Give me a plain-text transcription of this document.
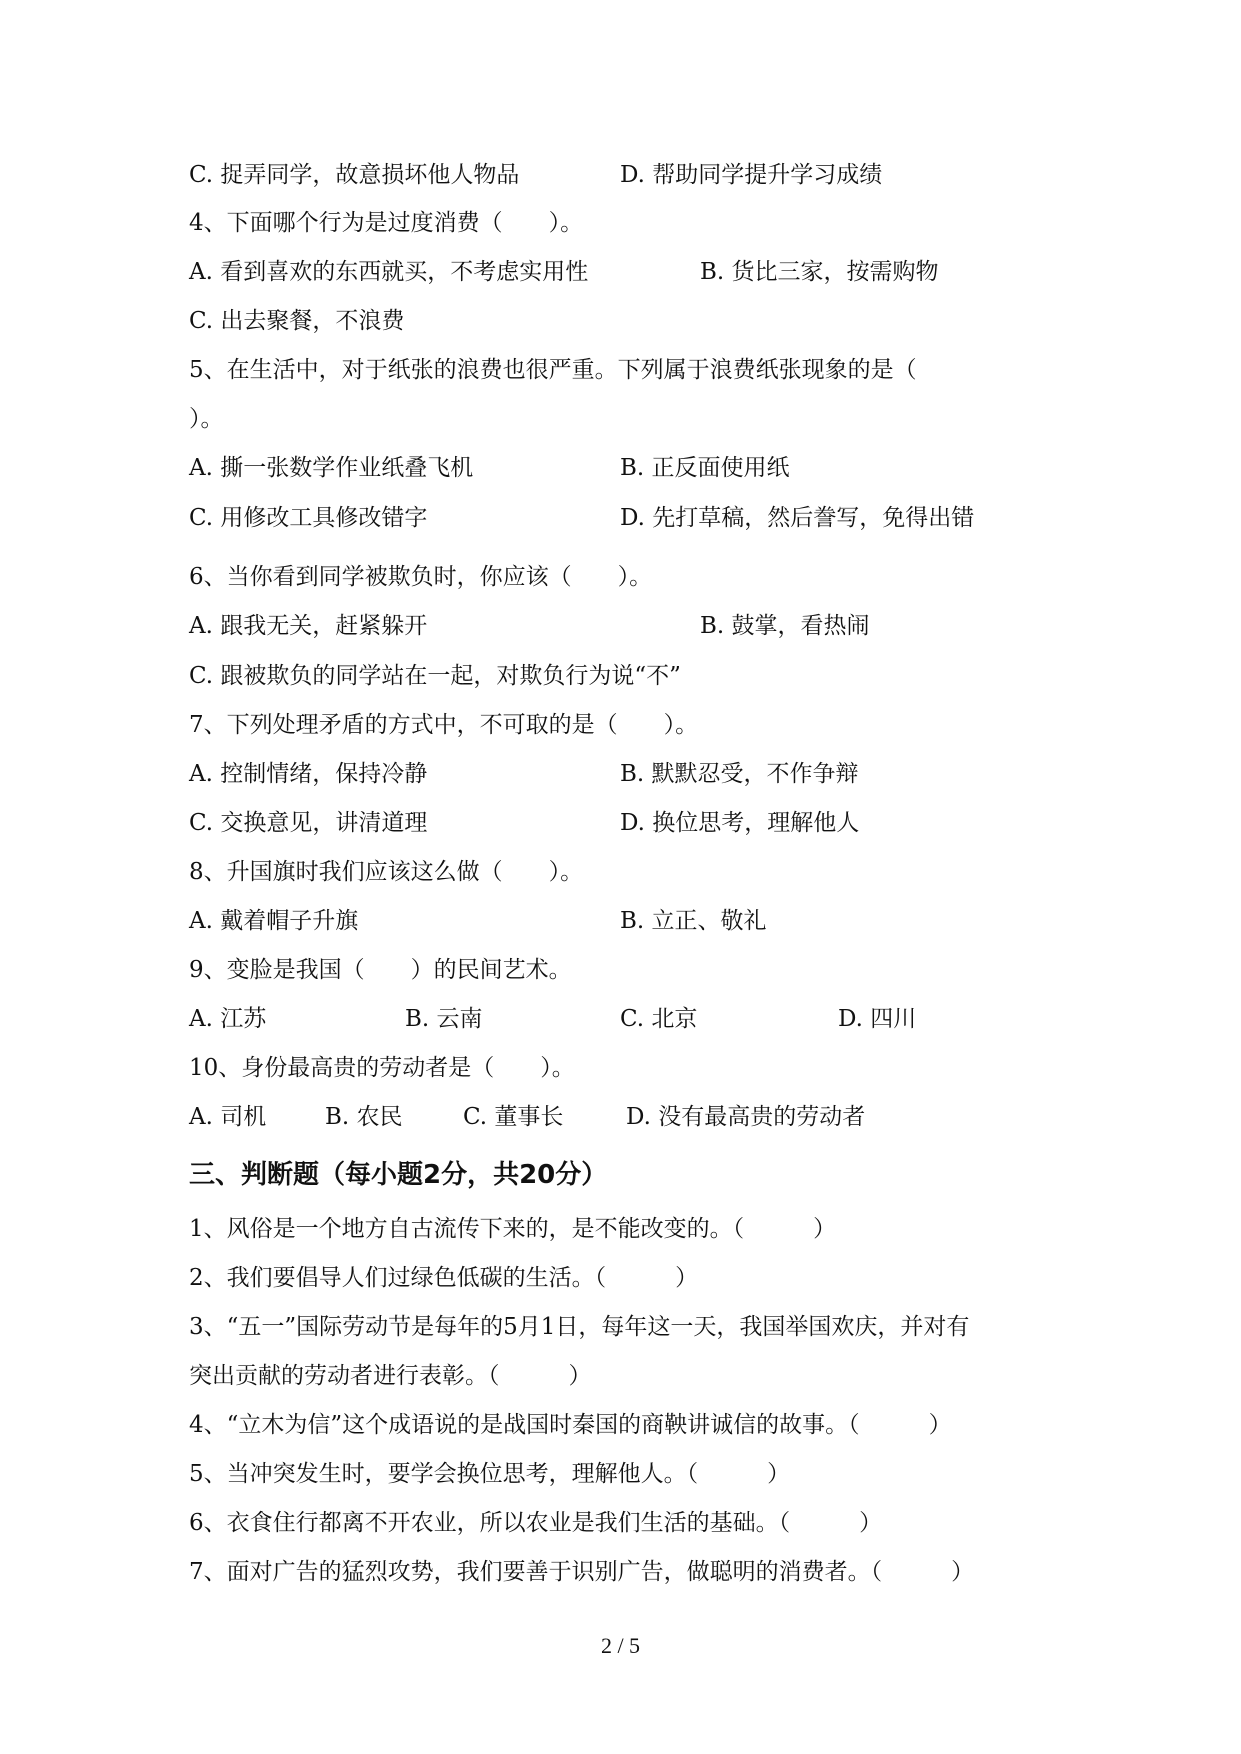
C. 捉弄同学，故意损坏他人物品	D. 帮助同学提升学习成绩
4、下面哪个行为是过度消费（　　）。
A. 看到喜欢的东西就买，不考虑实用性	B. 货比三家，按需购物
C. 出去聚餐，不浪费
5、在生活中，对于纸张的浪费也很严重。下列属于浪费纸张现象的是（
）。
A. 撕一张数学作业纸叠飞机	B. 正反面使用纸
C. 用修改工具修改错字	D. 先打草稿，然后誊写，免得出错
6、当你看到同学被欺负时，你应该（　　）。
A. 跟我无关，赶紧躲开	B. 鼓掌，看热闹
C. 跟被欺负的同学站在一起，对欺负行为说“不”
7、下列处理矛盾的方式中，不可取的是（　　）。
A. 控制情绪，保持冷静	B. 默默忍受，不作争辩
C. 交换意见，讲清道理	D. 换位思考，理解他人
8、升国旗时我们应该这么做（　　）。
A. 戴着帽子升旗	B. 立正、敬礼
9、变脸是我国（　　）的民间艺术。
A. 江苏	B. 云南	C. 北京	D. 四川
10、身份最高贵的劳动者是（　　）。
A. 司机	B. 农民	C. 董事长	D. 没有最高贵的劳动者
三、判断题（每小题2分，共20分）
1、风俗是一个地方自古流传下来的，是不能改变的。（　　　）
2、我们要倡导人们过绿色低碳的生活。（　　　）
3、“五一”国际劳动节是每年的5月1日，每年这一天，我国举国欢庆，并对有
突出贡献的劳动者进行表彰。（　　　）
4、“立木为信”这个成语说的是战国时秦国的商鞅讲诚信的故事。（　　　）
5、当冲突发生时，要学会换位思考，理解他人。（　　　）
6、衣食住行都离不开农业，所以农业是我们生活的基础。（　　　）
7、面对广告的猛烈攻势，我们要善于识别广告，做聪明的消费者。（　　　）
2 / 5
